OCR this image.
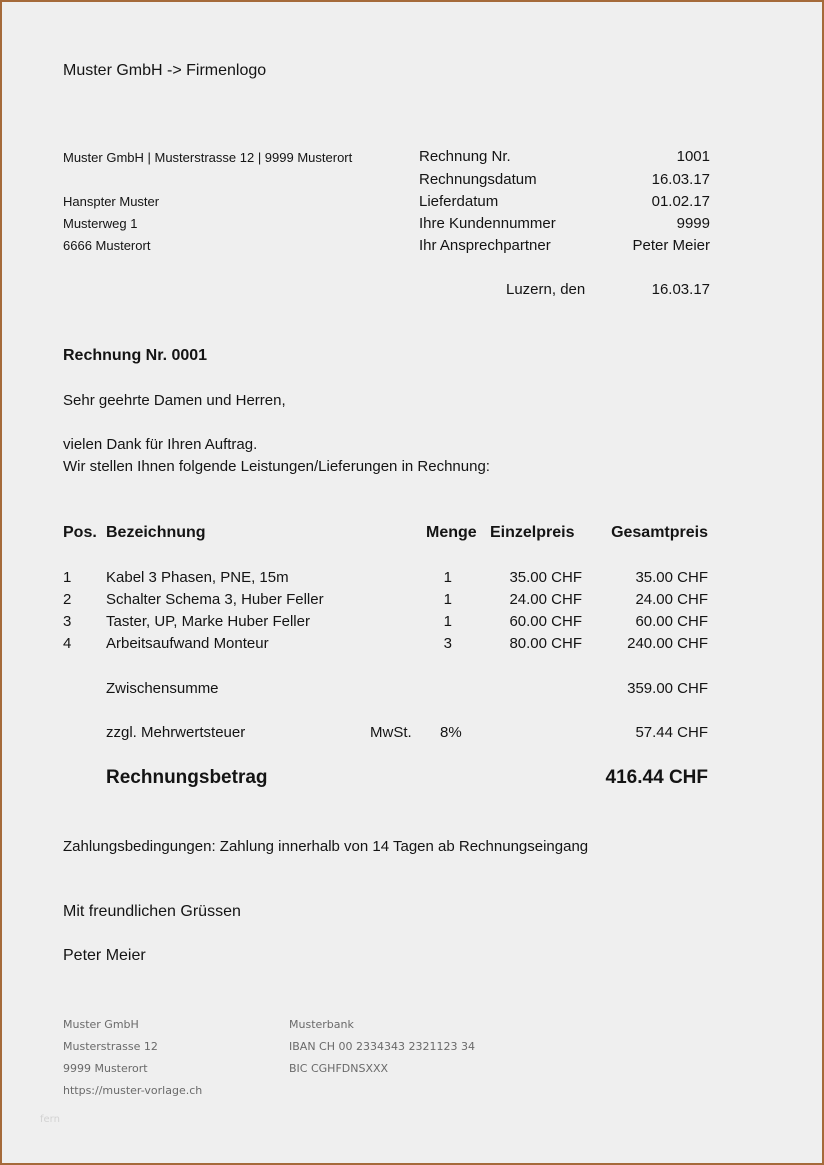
Muster GmbH -> Firmenlogo
Muster GmbH | Musterstrasse 12 | 9999 Musterort
Hanspter Muster
Musterweg 1
6666 Musterort
Rechnung Nr.	1001
Rechnungsdatum	16.03.17
Lieferdatum	01.02.17
Ihre Kundennummer	9999
Ihr Ansprechpartner	Peter Meier
Luzern, den	16.03.17
Rechnung Nr. 0001
Sehr geehrte Damen und Herren,
vielen Dank für Ihren Auftrag.
Wir stellen Ihnen folgende Leistungen/Lieferungen in Rechnung:
Pos. Bezeichnung	Menge Einzelpreis Gesamtpreis
1 Kabel 3 Phasen, PNE, 15m	1	35.00 CHF	35.00 CHF
2 Schalter Schema 3, Huber Feller	1	24.00 CHF	24.00 CHF
3 Taster, UP, Marke Huber Feller	1	60.00 CHF	60.00 CHF
4 Arbeitsaufwand Monteur	3	80.00 CHF	240.00 CHF
Zwischensumme	359.00 CHF
zzgl. Mehrwertsteuer	MwSt. 8%	57.44 CHF
Rechnungsbetrag	416.44 CHF
Zahlungsbedingungen: Zahlung innerhalb von 14 Tagen ab Rechnungseingang
Mit freundlichen Grüssen
Peter Meier
Muster GmbH
Musterstrasse 12
9999 Musterort
https://muster-vorlage.ch
Musterbank
IBAN CH 00 2334343 2321123 34
BIC CGHFDNSXXX
fern
